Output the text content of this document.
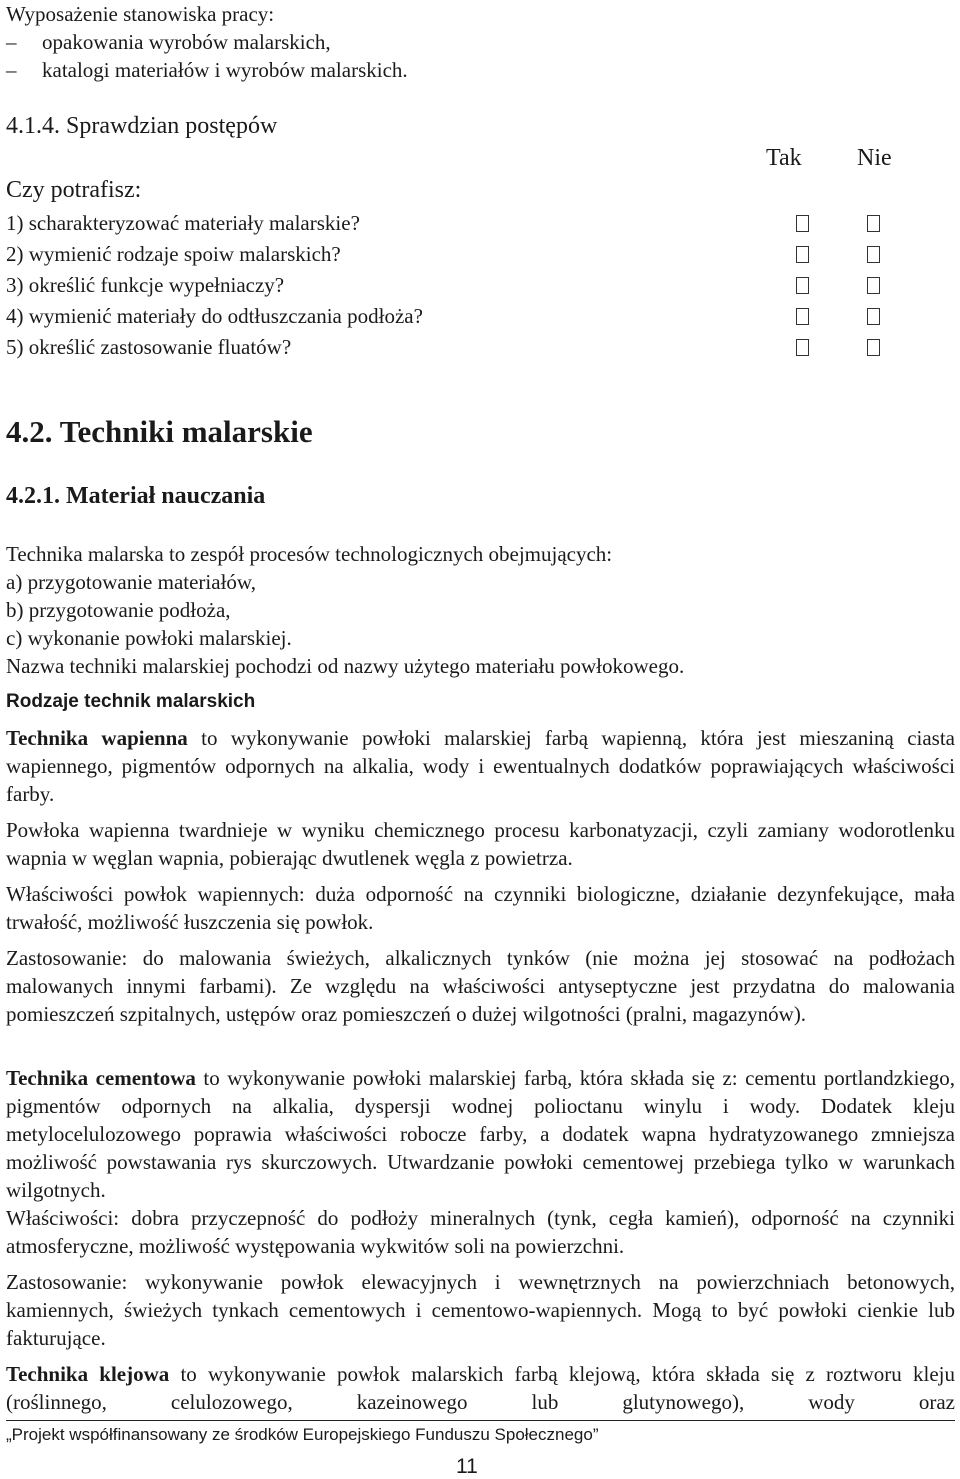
Wyposażenie stanowiska pracy:

– opakowania wyrobów malarskich,
– katalogi materiałów i wyrobów malarskich.
4.1.4. Sprawdzian postępów
Tak Nie
Czy potrafisz:
1) scharakteryzować materiały malarskie?
2) wymienić rodzaje spoiw malarskich?
3) określić funkcje wypełniaczy?
4) wymienić materiały do odtłuszczania podłoża?
5) określić zastosowanie fluatów?
4.2. Techniki malarskie
4.2.1. Materiał nauczania

Technika malarska to zespół procesów technologicznych obejmujących:

a) przygotowanie materiałów,

b) przygotowanie podłoża,

c) wykonanie powłoki malarskiej.

Nazwa techniki malarskiej pochodzi od nazwy użytego materiału powłokowego.

Rodzaje technik malarskich

Technika wapienna to wykonywanie powłoki malarskiej farbą wapienną, która jest mieszaniną ciasta wapiennego, pigmentów odpornych na alkalia, wody i ewentualnych dodatków poprawiających właściwości farby.

Powłoka wapienna twardnieje w wyniku chemicznego procesu karbonatyzacji, czyli zamiany wodorotlenku wapnia w węglan wapnia, pobierając dwutlenek węgla z powietrza.

Właściwości powłok wapiennych: duża odporność na czynniki biologiczne, działanie dezynfekujące, mała trwałość, możliwość łuszczenia się powłok.

Zastosowanie: do malowania świeżych, alkalicznych tynków (nie można jej stosować na podłożach malowanych innymi farbami). Ze względu na właściwości antyseptyczne jest przydatna do malowania pomieszczeń szpitalnych, ustępów oraz pomieszczeń o dużej wilgotności (pralni, magazynów).

Technika cementowa to wykonywanie powłoki malarskiej farbą, która składa się z: cementu portlandzkiego, pigmentów odpornych na alkalia, dyspersji wodnej polioctanu winylu i wody. Dodatek kleju metylocelulozowego poprawia właściwości robocze farby, a dodatek wapna hydratyzowanego zmniejsza możliwość powstawania rys skurczowych. Utwardzanie powłoki cementowej przebiega tylko w warunkach wilgotnych.

Właściwości: dobra przyczepność do podłoży mineralnych (tynk, cegła kamień), odporność na czynniki atmosferyczne, możliwość występowania wykwitów soli na powierzchni.

Zastosowanie: wykonywanie powłok elewacyjnych i wewnętrznych na powierzchniach betonowych, kamiennych, świeżych tynkach cementowych i cementowo-wapiennych. Mogą to być powłoki cienkie lub fakturujące.

Technika klejowa to wykonywanie powłok malarskich farbą klejową, która składa się z roztworu kleju (roślinnego, celulozowego, kazeinowego lub glutynowego), wody oraz

„Projekt współfinansowany ze środków Europejskiego Funduszu Społecznego”
11
